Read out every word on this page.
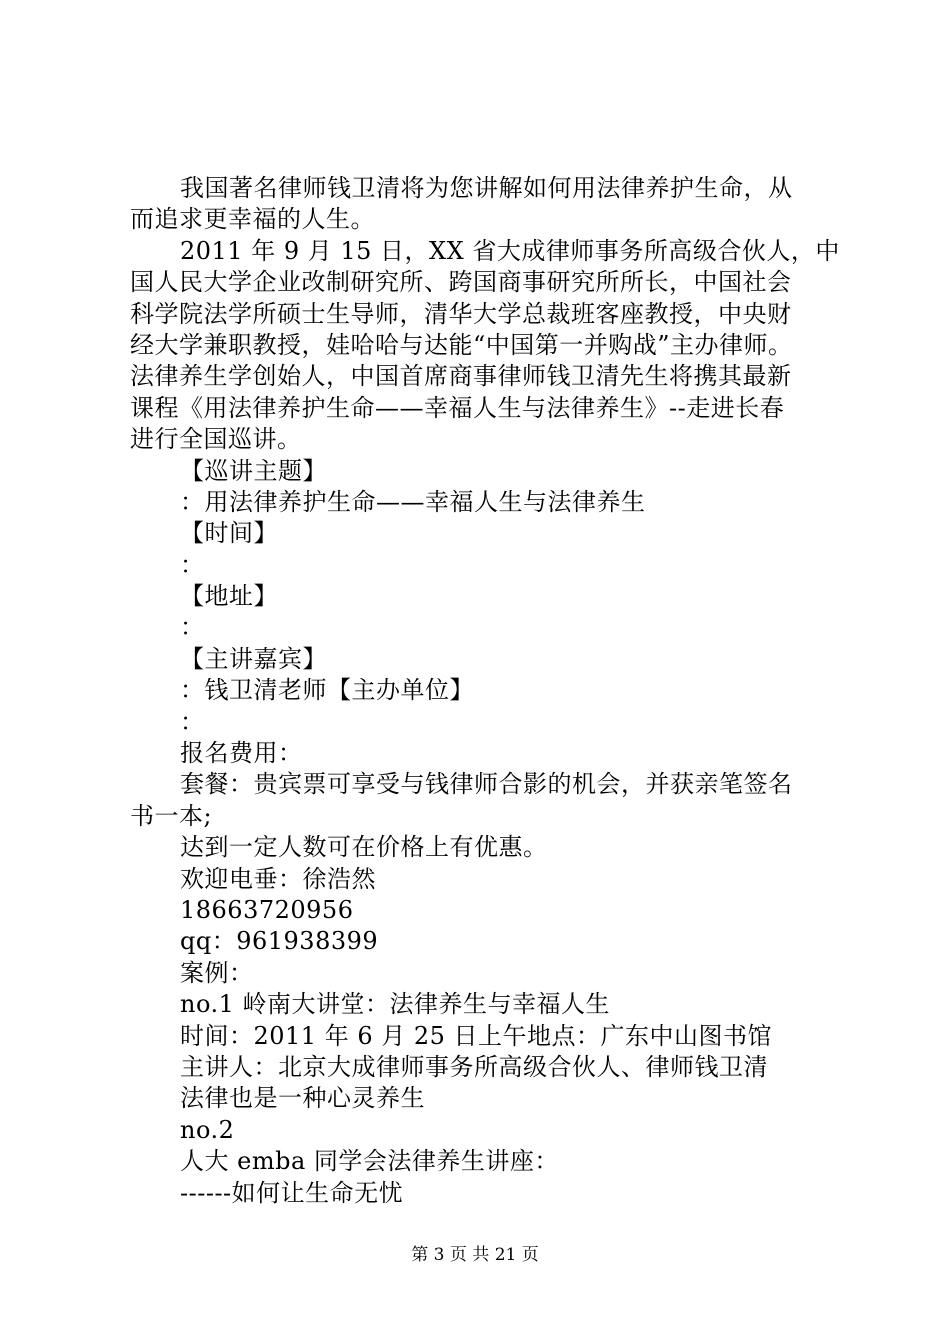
我国著名律师钱卫清将为您讲解如何用法律养护生命，从
而追求更幸福的人生。
2011 年 9 月 15 日，XX 省大成律师事务所高级合伙人，中
国人民大学企业改制研究所、跨国商事研究所所长，中国社会
科学院法学所硕士生导师，清华大学总裁班客座教授，中央财
经大学兼职教授，娃哈哈与达能“中国第一并购战”主办律师。
法律养生学创始人，中国首席商事律师钱卫清先生将携其最新
课程《用法律养护生命——幸福人生与法律养生》--走进长春
进行全国巡讲。
【巡讲主题】
：用法律养护生命——幸福人生与法律养生
【时间】
：
【地址】
：
【主讲嘉宾】
：钱卫清老师【主办单位】
：
报名费用：
套餐：贵宾票可享受与钱律师合影的机会，并获亲笔签名
书一本;
达到一定人数可在价格上有优惠。
欢迎电垂：徐浩然
18663720956
qq：961938399
案例：
no.1 岭南大讲堂：法律养生与幸福人生
时间：2011 年 6 月 25 日上午地点：广东中山图书馆
主讲人：北京大成律师事务所高级合伙人、律师钱卫清
法律也是一种心灵养生
no.2
人大 emba 同学会法律养生讲座：
------如何让生命无忧
第 3 页 共 21 页
